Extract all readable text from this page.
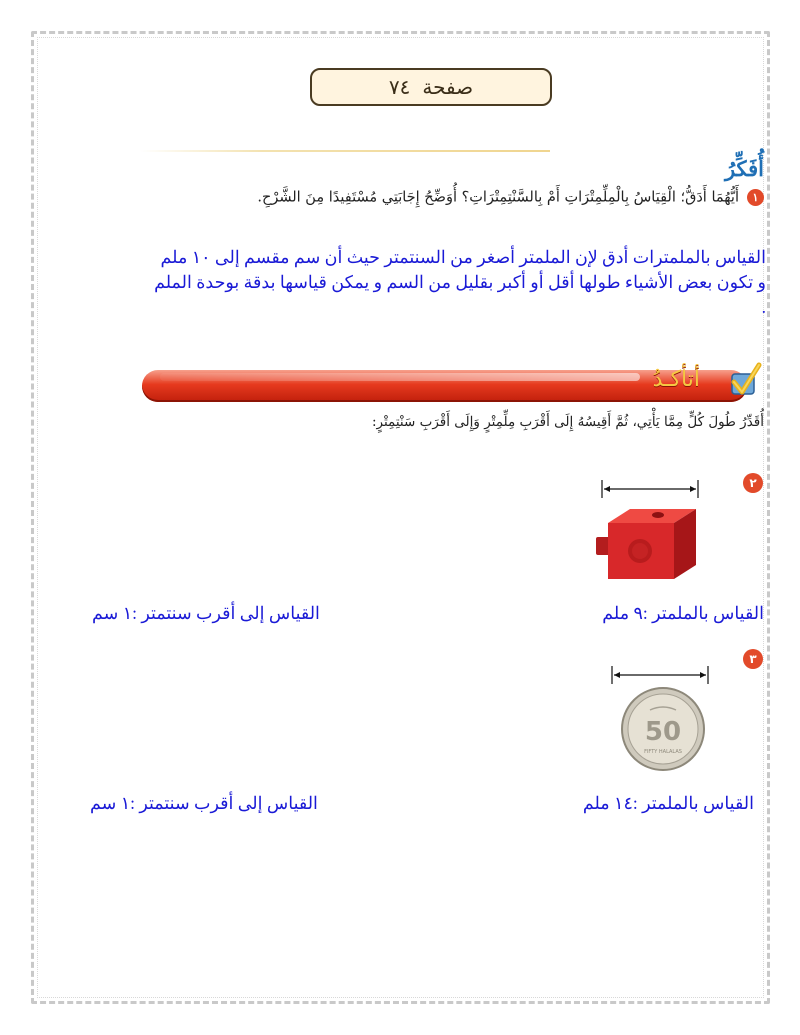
صفحة
٧٤
أُفَكِّرُ
١أَيُّهُمَا أَدَقُّ؛ الْقِيَاسُ بِالْمِلِّمِتْرَاتِ أَمْ بِالسَّنْتِمِتْرَاتِ؟ أُوَضِّحُ إِجَابَتِي مُسْتَفِيدًا مِنَ الشَّرْحِ.
القياس بالملمترات أدق لإن الملمتر أصغر من السنتمتر حيث أن سم مقسم إلى ١٠ ملم
و تكون بعض الأشياء طولها أقل أو أكبر بقليل من السم و يمكن قياسها بدقة بوحدة الملم
.
أتأكـدُ
أُقَدِّرُ طُولَ كُلٍّ مِمَّا يَأْتِي، ثُمَّ أَقِيسُهُ إِلَى أَقْرَبِ مِلِّمِتْرٍ وَإِلَى أَقْرَبِ سَنْتِمِتْرٍ:
٢
القياس بالملمتر :٩ ملم
القياس إلى أقرب سنتمتر :١ سم
٣
50
FIFTY HALALAS
القياس بالملمتر :١٤ ملم
القياس إلى أقرب سنتمتر :١ سم
